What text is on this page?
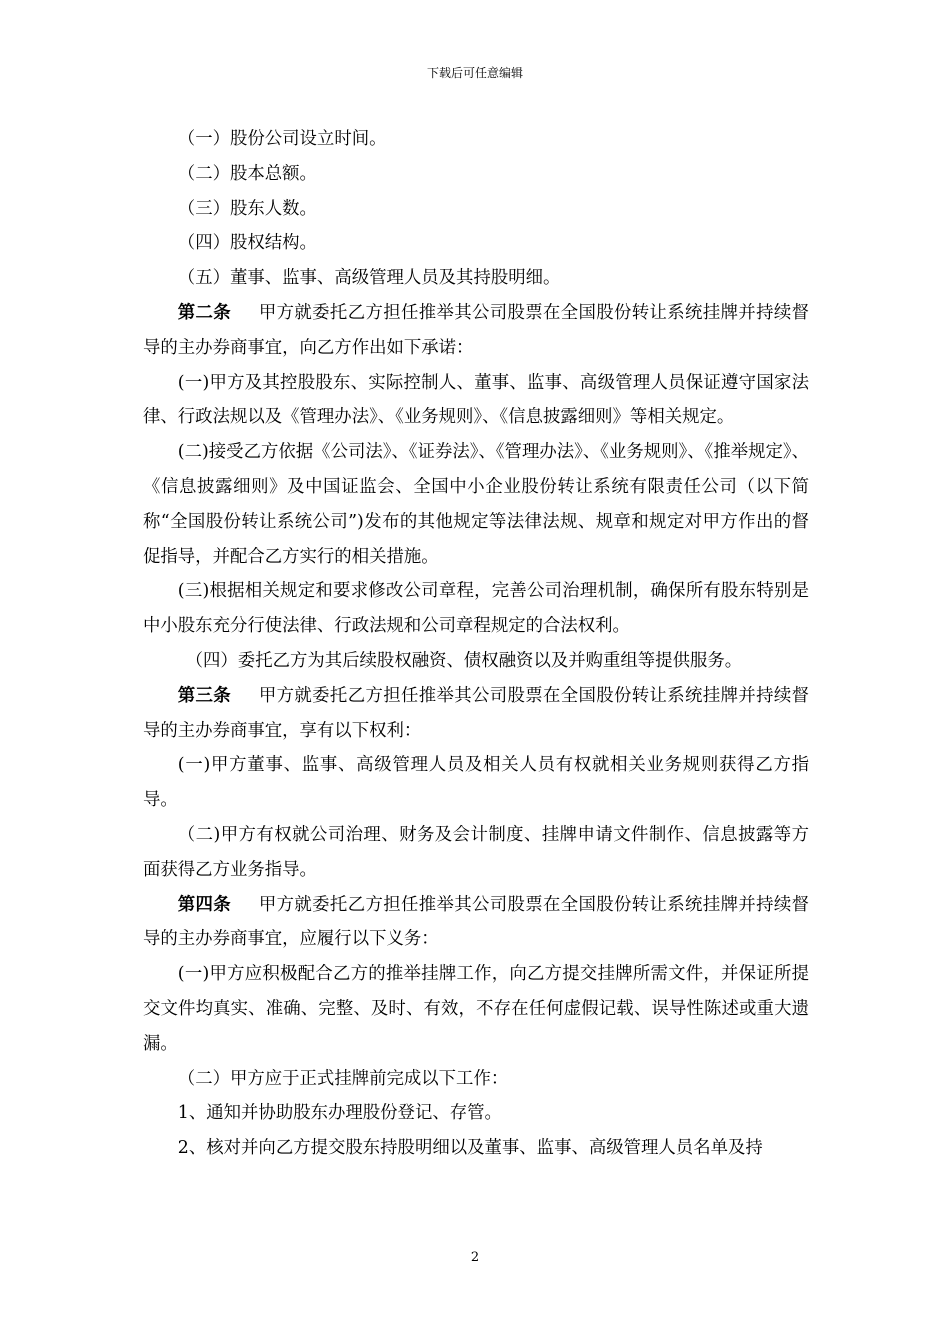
下载后可任意编辑

（一）股份公司设立时间。

（二）股本总额。

（三）股东人数。

（四）股权结构。

（五）董事、监事、高级管理人员及其持股明细。

第二条 甲方就委托乙方担任推举其公司股票在全国股份转让系统挂牌并持续督导的主办券商事宜，向乙方作出如下承诺：

(一)甲方及其控股股东、实际控制人、董事、监事、高级管理人员保证遵守国家法律、行政法规以及《管理办法》、《业务规则》、《信息披露细则》等相关规定。

(二)接受乙方依据《公司法》、《证券法》、《管理办法》、《业务规则》、《推举规定》、《信息披露细则》及中国证监会、全国中小企业股份转让系统有限责任公司（以下简称“全国股份转让系统公司”)发布的其他规定等法律法规、规章和规定对甲方作出的督促指导，并配合乙方实行的相关措施。

(三)根据相关规定和要求修改公司章程，完善公司治理机制，确保所有股东特别是中小股东充分行使法律、行政法规和公司章程规定的合法权利。

（四）委托乙方为其后续股权融资、债权融资以及并购重组等提供服务。

第三条 甲方就委托乙方担任推举其公司股票在全国股份转让系统挂牌并持续督导的主办券商事宜，享有以下权利：

(一)甲方董事、监事、高级管理人员及相关人员有权就相关业务规则获得乙方指导。

（二)甲方有权就公司治理、财务及会计制度、挂牌申请文件制作、信息披露等方面获得乙方业务指导。

第四条 甲方就委托乙方担任推举其公司股票在全国股份转让系统挂牌并持续督导的主办券商事宜，应履行以下义务：

(一)甲方应积极配合乙方的推举挂牌工作，向乙方提交挂牌所需文件，并保证所提交文件均真实、准确、完整、及时、有效，不存在任何虚假记载、误导性陈述或重大遗漏。

（二）甲方应于正式挂牌前完成以下工作：

1、通知并协助股东办理股份登记、存管。

2、核对并向乙方提交股东持股明细以及董事、监事、高级管理人员名单及持

2
